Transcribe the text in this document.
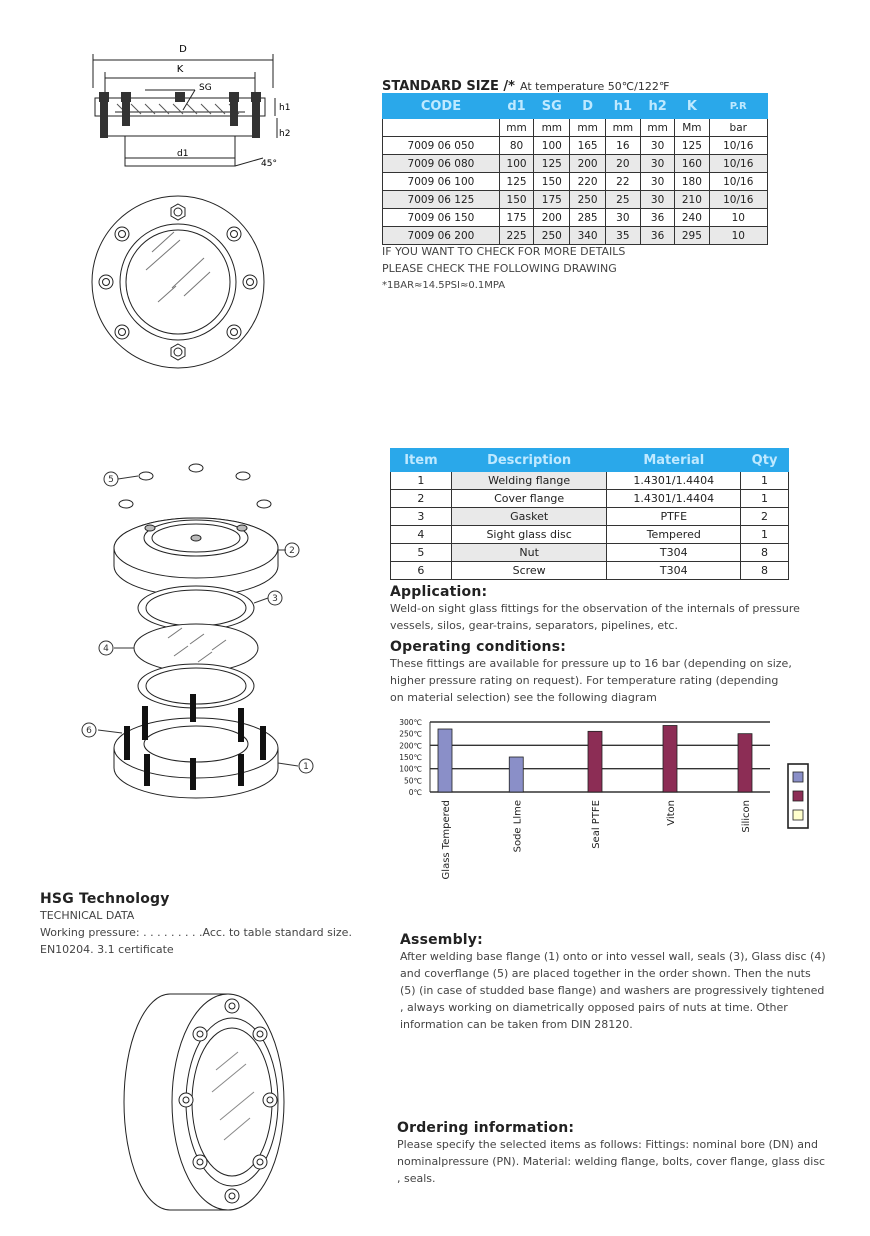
D
K
SG
h1
h2
d1
45°
STANDARD SIZE /* At temperature 50℃/122℉
CODE	d1	SG	D	h1	h2	K	P.R
	mm	mm	mm	mm	mm	Mm	bar
7009 06 050	80	100	165	16	30	125	10/16
7009 06 080	100	125	200	20	30	160	10/16
7009 06 100	125	150	220	22	30	180	10/16
7009 06 125	150	175	250	25	30	210	10/16
7009 06 150	175	200	285	30	36	240	10
7009 06 200	225	250	340	35	36	295	10
IF YOU WANT TO CHECK FOR MORE DETAILS
PLEASE CHECK THE FOLLOWING DRAWING
*1BAR≈14.5PSI≈0.1MPA
5
2
3
4
1
6
Item	Description	Material	Qty
1	Welding flange	1.4301/1.4404	1
2	Cover flange	1.4301/1.4404	1
3	Gasket	PTFE	2
4	Sight glass disc	Tempered	1
5	Nut	T304	8
6	Screw	T304	8
Application:
Weld-on sight glass fittings for the observation of the internals of pressure
vessels, silos, gear-trains, separators, pipelines, etc.
Operating conditions:
These fittings are available for pressure up to 16 bar (depending on size,
higher pressure rating on request). For temperature rating (depending
on material selection) see the following diagram
300℃
250℃
200℃
150℃
100℃
50℃
0℃
Glass Tempered	Sode Llme	Seal PTFE	Viton	Silicon
HSG Technology
TECHNICAL DATA
Working pressure: . . . . . . . . .Acc. to table standard size.
EN10204. 3.1 certificate
Assembly:
After welding base flange (1) onto or into vessel wall, seals (3), Glass disc (4)
and coverflange (5) are placed together in the order shown. Then the nuts
(5) (in case of studded base flange) and washers are progressively tightened
, always working on diametrically opposed pairs of nuts at time. Other
information can be taken from DIN 28120.
Ordering information:
Please specify the selected items as follows: Fittings: nominal bore (DN) and
nominalpressure (PN). Material: welding flange, bolts, cover flange, glass disc
, seals.
